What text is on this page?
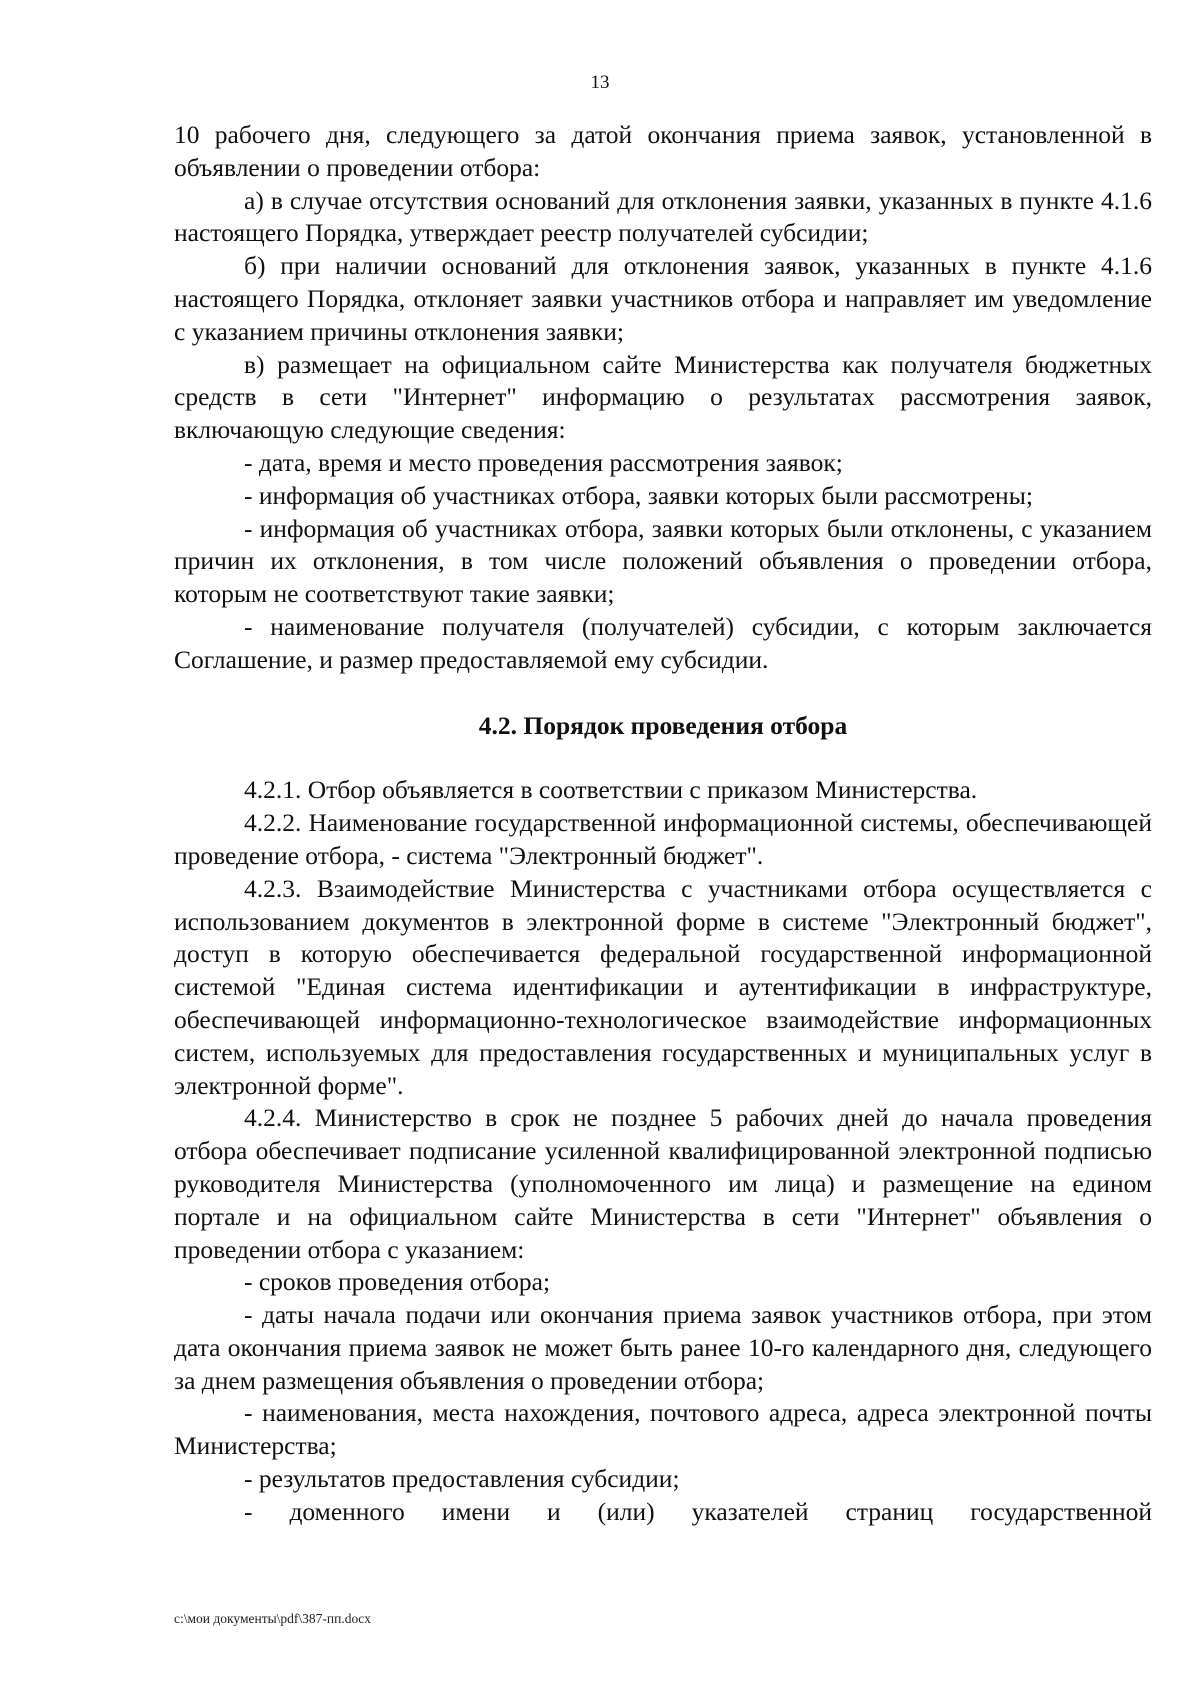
13

10 рабочего дня, следующего за датой окончания приема заявок, установленной в объявлении о проведении отбора:

а) в случае отсутствия оснований для отклонения заявки, указанных в пункте 4.1.6 настоящего Порядка, утверждает реестр получателей субсидии;

б) при наличии оснований для отклонения заявок, указанных в пункте 4.1.6 настоящего Порядка, отклоняет заявки участников отбора и направляет им уведомление с указанием причины отклонения заявки;

в) размещает на официальном сайте Министерства как получателя бюджетных средств в сети "Интернет" информацию о результатах рассмотрения заявок, включающую следующие сведения:

- дата, время и место проведения рассмотрения заявок;

- информация об участниках отбора, заявки которых были рассмотрены;

- информация об участниках отбора, заявки которых были отклонены, с указанием причин их отклонения, в том числе положений объявления о проведении отбора, которым не соответствуют такие заявки;

- наименование получателя (получателей) субсидии, с которым заключается Соглашение, и размер предоставляемой ему субсидии.

4.2. Порядок проведения отбора

4.2.1. Отбор объявляется в соответствии с приказом Министерства.

4.2.2. Наименование государственной информационной системы, обеспечивающей проведение отбора, - система "Электронный бюджет".

4.2.3. Взаимодействие Министерства с участниками отбора осуществляется с использованием документов в электронной форме в системе "Электронный бюджет", доступ в которую обеспечивается федеральной государственной информационной системой "Единая система идентификации и аутентификации в инфраструктуре, обеспечивающей информационно-технологическое взаимодействие информационных систем, используемых для предоставления государственных и муниципальных услуг в электронной форме".

4.2.4. Министерство в срок не позднее 5 рабочих дней до начала проведения отбора обеспечивает подписание усиленной квалифицированной электронной подписью руководителя Министерства (уполномоченного им лица) и размещение на едином портале и на официальном сайте Министерства в сети "Интернет" объявления о проведении отбора с указанием:

- сроков проведения отбора;

- даты начала подачи или окончания приема заявок участников отбора, при этом дата окончания приема заявок не может быть ранее 10-го календарного дня, следующего за днем размещения объявления о проведении отбора;

- наименования, места нахождения, почтового адреса, адреса электронной почты Министерства;

- результатов предоставления субсидии;

- доменного имени и (или) указателей страниц государственной

c:\мои документы\pdf\387-пп.docx
